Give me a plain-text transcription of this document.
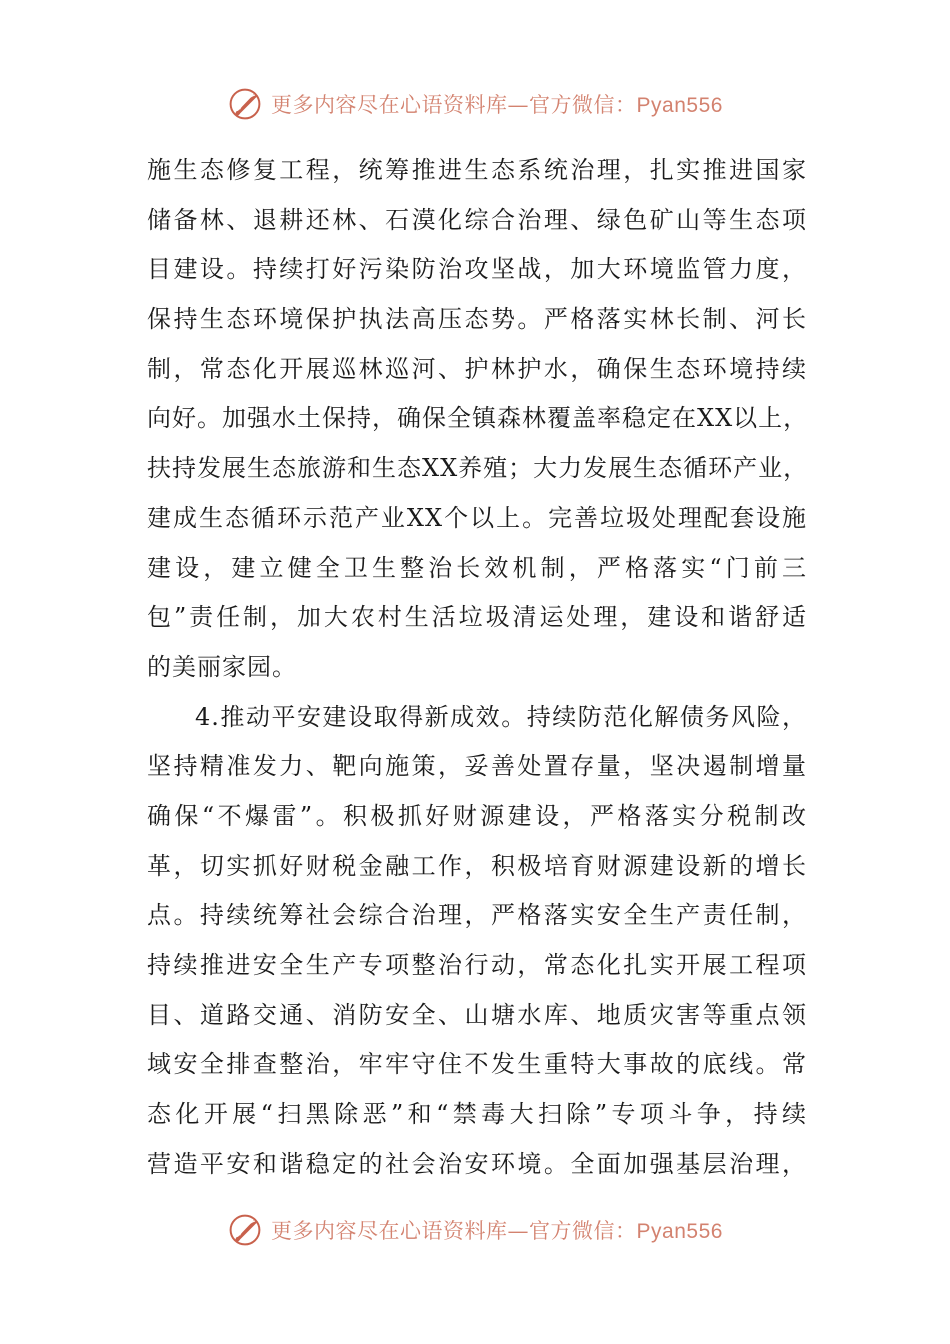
更多内容尽在心语资料库—官方微信：Pyan556
施生态修复工程，统筹推进生态系统治理，扎实推进国家
储备林、退耕还林、石漠化综合治理、绿色矿山等生态项
目建设。持续打好污染防治攻坚战，加大环境监管力度，
保持生态环境保护执法高压态势。严格落实林长制、河长
制，常态化开展巡林巡河、护林护水，确保生态环境持续
向好。加强水土保持，确保全镇森林覆盖率稳定在XX以上，
扶持发展生态旅游和生态XX养殖；大力发展生态循环产业，
建成生态循环示范产业XX个以上。完善垃圾处理配套设施
建设，建立健全卫生整治长效机制，严格落实“门前三
包”责任制，加大农村生活垃圾清运处理，建设和谐舒适
的美丽家园。
4.推动平安建设取得新成效。持续防范化解债务风险，
坚持精准发力、靶向施策，妥善处置存量，坚决遏制增量
确保“不爆雷”。积极抓好财源建设，严格落实分税制改
革，切实抓好财税金融工作，积极培育财源建设新的增长
点。持续统筹社会综合治理，严格落实安全生产责任制，
持续推进安全生产专项整治行动，常态化扎实开展工程项
目、道路交通、消防安全、山塘水库、地质灾害等重点领
域安全排查整治，牢牢守住不发生重特大事故的底线。常
态化开展“扫黑除恶”和“禁毒大扫除”专项斗争，持续
营造平安和谐稳定的社会治安环境。全面加强基层治理，
更多内容尽在心语资料库—官方微信：Pyan556
